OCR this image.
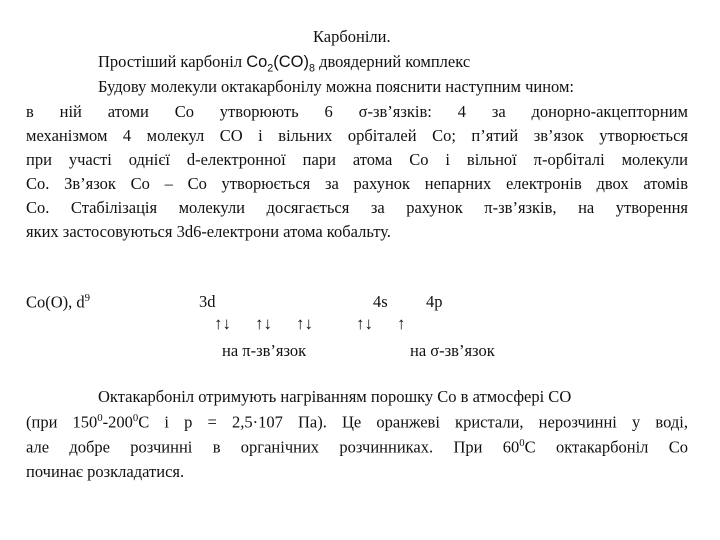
Карбоніли.
Простіший карбоніл $Co_2(CO)_8$ двоядерний комплекс
Будову молекули октакарбонілу можна пояснити наступним чином:
в ній атоми Co утворюють 6 σ-зв’язків: 4 за донорно-акцепторним
механізмом 4 молекул CO і вільних орбіталей Co; п’ятий зв’язок утворюється
при участі однієї d-електронної пари атома Co і вільної π-орбіталі молекули
Co. Зв’язок Co – Co утворюється за рахунок непарних електронів двох атомів
Co. Стабілізація молекули досягається за рахунок π-зв’язків, на утворення
яких застосовуються 3d6-електрони атома кобальту.
Co(O), $d^9$	3d	4s 4p
↑↓ ↑↓ ↑↓	↑↓ ↑
на π-зв’язок	на σ-зв’язок
Октакарбоніл отримують нагріванням порошку Co в атмосфері CO
(при $150^0-200^0С$ і p = 2,5·107 Па). Це оранжеві кристали, нерозчинні у воді,
але добре розчинні в органічних розчинниках. При $60^0С$ октакарбоніл Co
починає розкладатися.
